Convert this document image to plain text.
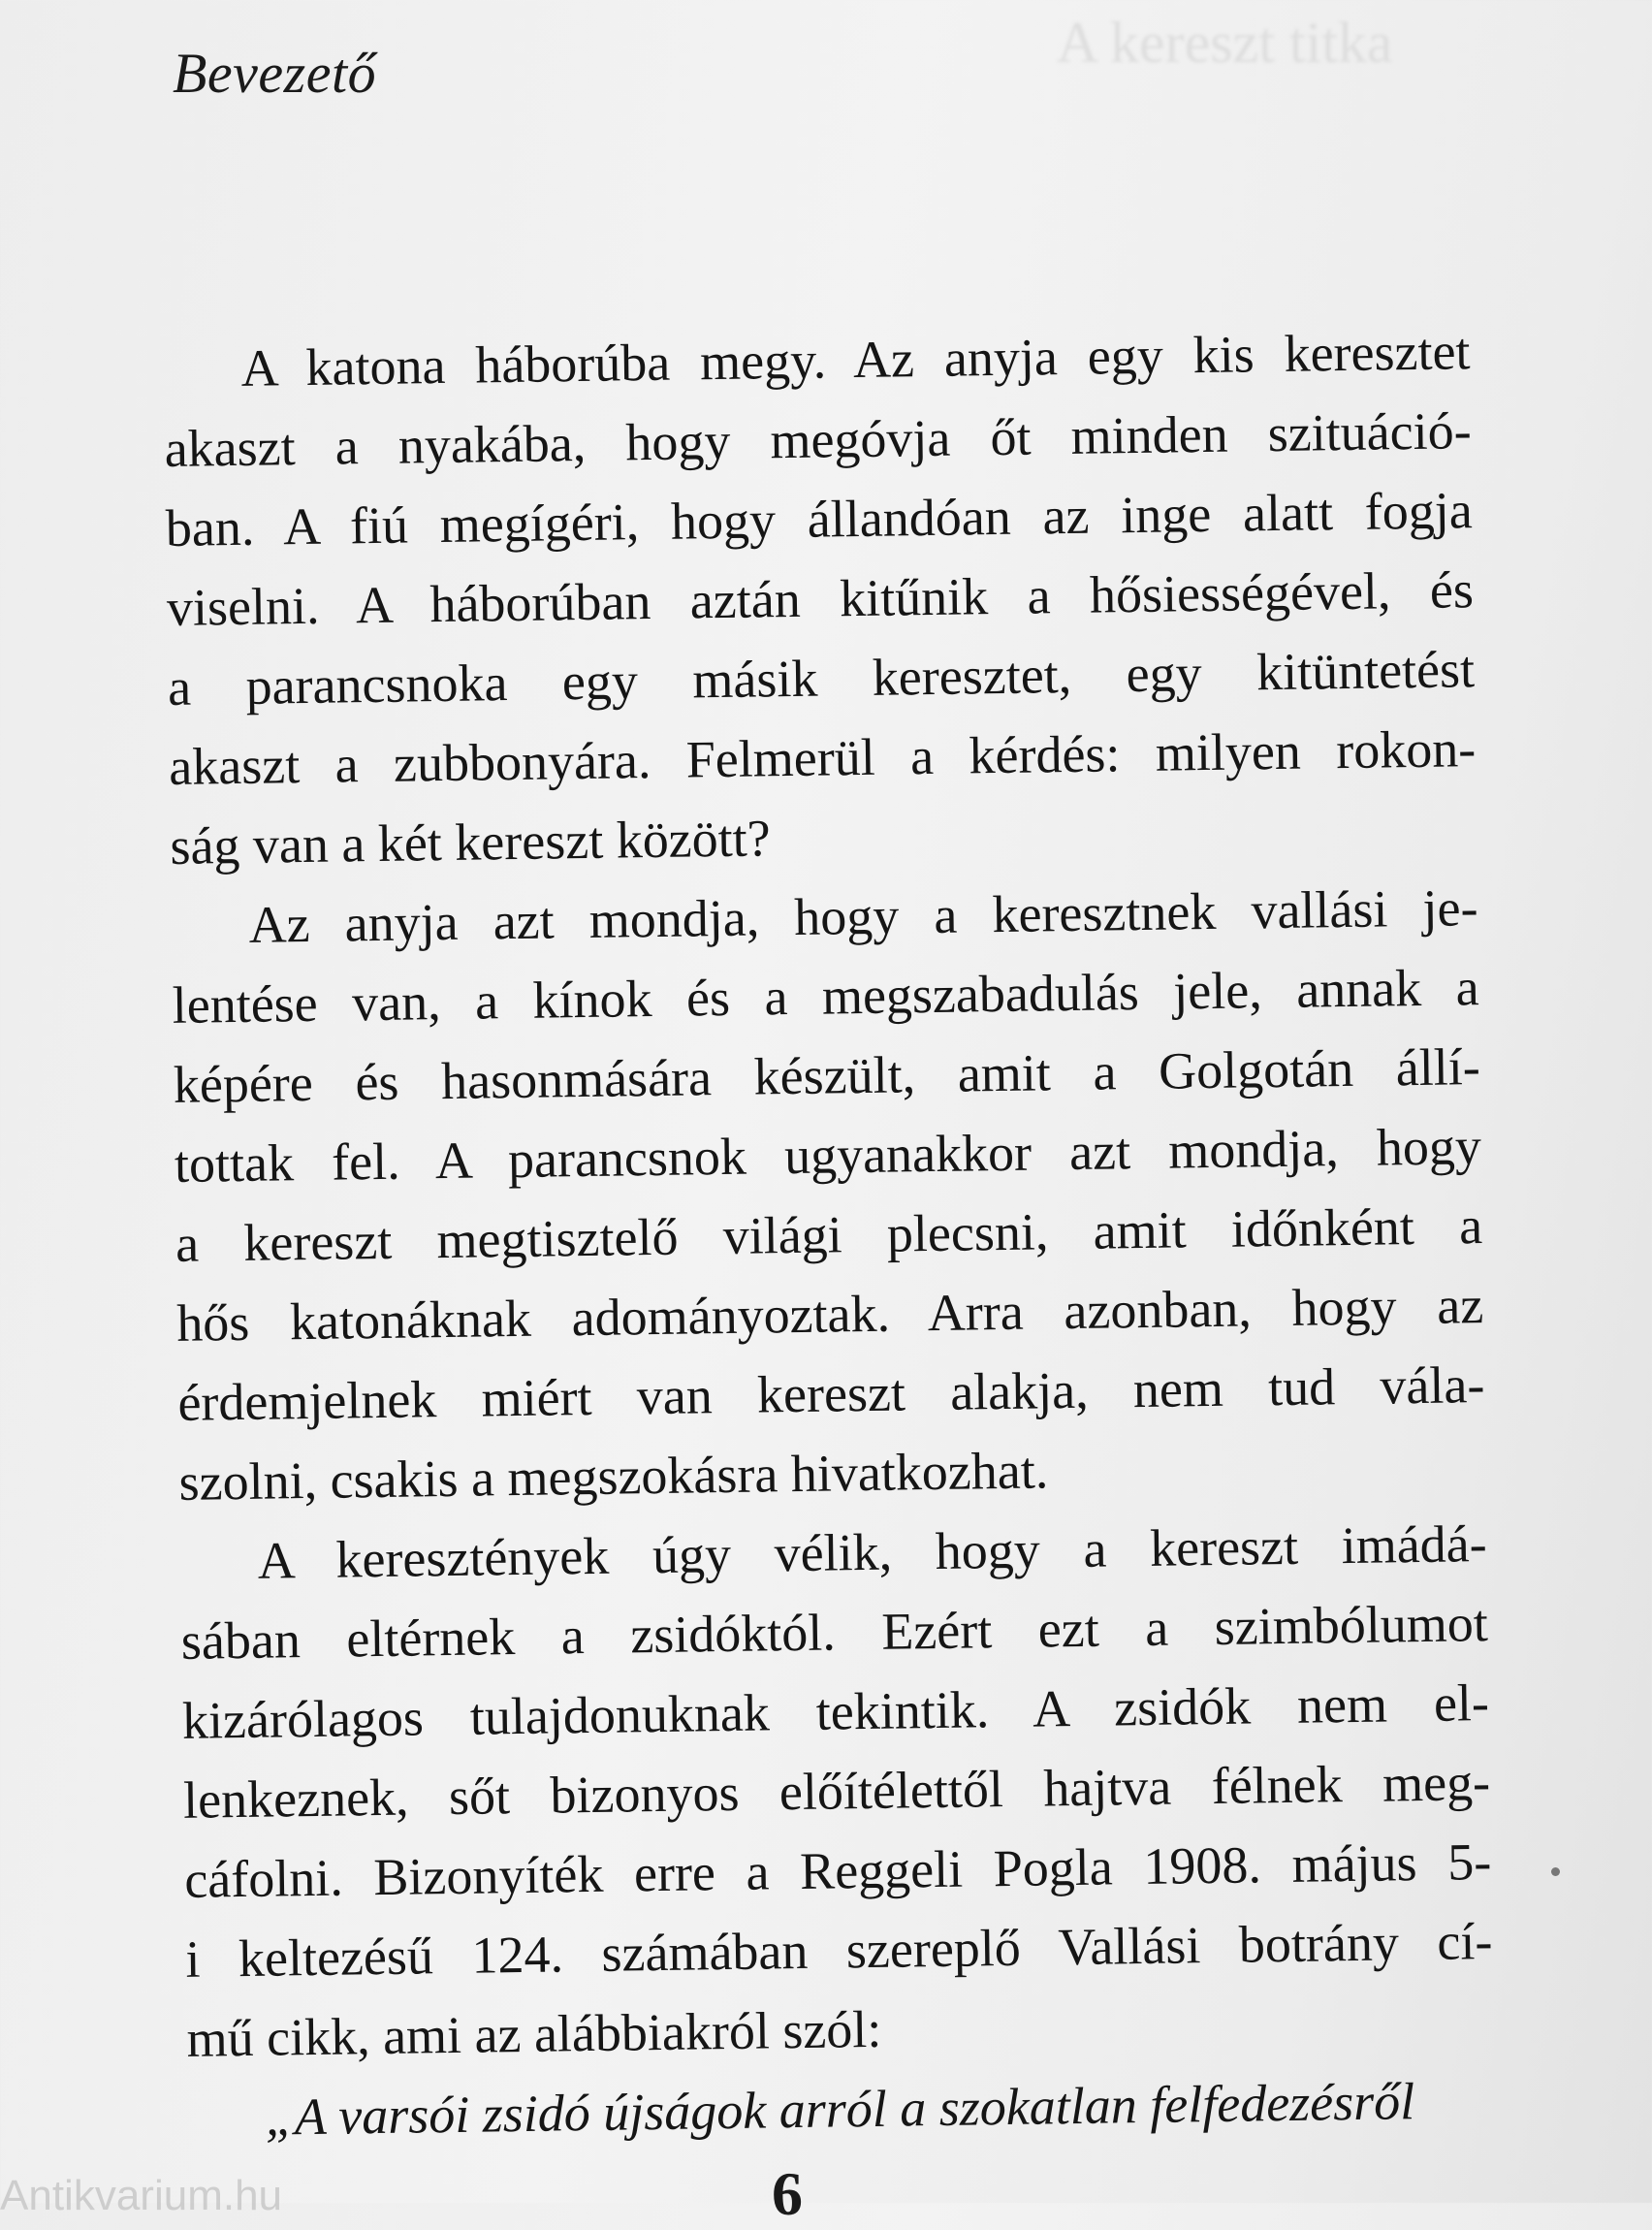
A kereszt titka
Bevezető
A katona háborúba megy. Az anyja egy kis keresztet
akaszt a nyakába, hogy megóvja őt minden szituáció-
ban. A fiú megígéri, hogy állandóan az inge alatt fogja
viselni. A háborúban aztán kitűnik a hősiességével, és
a parancsnoka egy másik keresztet, egy kitüntetést
akaszt a zubbonyára. Felmerül a kérdés: milyen rokon-
ság van a két kereszt között?
Az anyja azt mondja, hogy a keresztnek vallási je-
lentése van, a kínok és a megszabadulás jele, annak a
képére és hasonmására készült, amit a Golgotán állí-
tottak fel. A parancsnok ugyanakkor azt mondja, hogy
a kereszt megtisztelő világi plecsni, amit időnként a
hős katonáknak adományoztak. Arra azonban, hogy az
érdemjelnek miért van kereszt alakja, nem tud vála-
szolni, csakis a megszokásra hivatkozhat.
A keresztények úgy vélik, hogy a kereszt imádá-
sában eltérnek a zsidóktól. Ezért ezt a szimbólumot
kizárólagos tulajdonuknak tekintik. A zsidók nem el-
lenkeznek, sőt bizonyos előítélettől hajtva félnek meg-
cáfolni. Bizonyíték erre a Reggeli Pogla 1908. május 5-
i keltezésű 124. számában szereplő Vallási botrány cí-
mű cikk, ami az alábbiakról szól:
„A varsói zsidó újságok arról a szokatlan felfedezésről
Antikvarium.hu	6
